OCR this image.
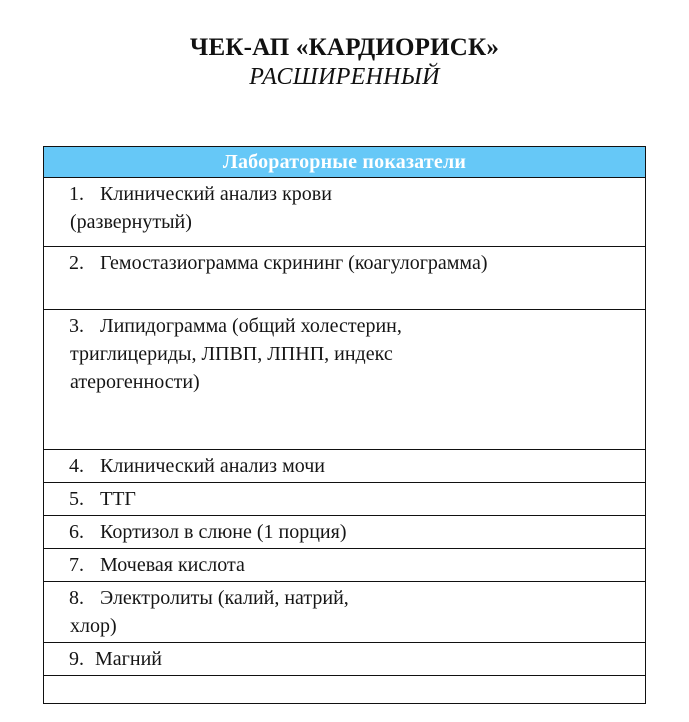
ЧЕК-АП «КАРДИОРИСК»
РАСШИРЕННЫЙ
Лабораторные показатели

1. Клинический анализ крови
(развернутый)

2. Гемостазиограмма скрининг (коагулограмма)

3. Липидограмма (общий холестерин,
триглицериды, ЛПВП, ЛПНП, индекс
атерогенности)

4. Клинический анализ мочи

5. ТТГ

6. Кортизол в слюне (1 порция)

7. Мочевая кислота

8. Электролиты (калий, натрий,
хлор)

9. Магний
